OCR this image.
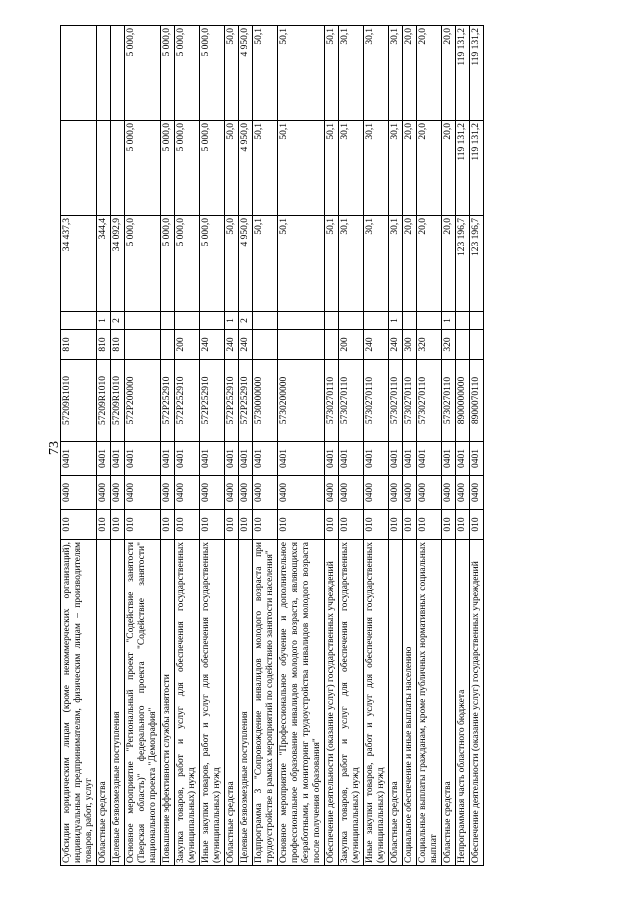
73
Субсидии юридическим лицам (кроме некоммерческих организаций), индивидуальным предпринимателям, физическим лицам – производителям товаров, работ, услуг	010	0400	0401	57209R1010	810		34 437,3		
Областные средства	010	0400	0401	57209R1010	810	1	344,4		
Целевые безвозмездные поступления	010	0400	0401	57209R1010	810	2	34 092,9		
Основное мероприятие "Региональный проект "Содействие занятости (Тверская область)" федерального проекта "Содействие занятости" национального проекта "Демография"	010	0400	0401	572P200000			5 000,0	5 000,0	5 000,0
Повышение эффективности службы занятости	010	0400	0401	572P252910			5 000,0	5 000,0	5 000,0
Закупка товаров, работ и услуг для обеспечения государственных (муниципальных) нужд	010	0400	0401	572P252910	200		5 000,0	5 000,0	5 000,0
Иные закупки товаров, работ и услуг для обеспечения государственных (муниципальных) нужд	010	0400	0401	572P252910	240		5 000,0	5 000,0	5 000,0
Областные средства	010	0400	0401	572P252910	240	1	50,0	50,0	50,0
Целевые безвозмездные поступления	010	0400	0401	572P252910	240	2	4 950,0	4 950,0	4 950,0
Подпрограмма 3 "Сопровождение инвалидов молодого возраста при трудоустройстве в рамках мероприятий по содействию занятости населения"	010	0400	0401	5730000000			50,1	50,1	50,1
Основное мероприятие "Профессиональное обучение и дополнительное профессиональное образование инвалидов молодого возраста, являющихся безработными, и мониторинг трудоустройства инвалидов молодого возраста после получения образования"	010	0400	0401	5730200000			50,1	50,1	50,1
Обеспечение деятельности (оказание услуг) государственных учреждений	010	0400	0401	5730270110			50,1	50,1	50,1
Закупка товаров, работ и услуг для обеспечения государственных (муниципальных) нужд	010	0400	0401	5730270110	200		30,1	30,1	30,1
Иные закупки товаров, работ и услуг для обеспечения государственных (муниципальных) нужд	010	0400	0401	5730270110	240		30,1	30,1	30,1
Областные средства	010	0400	0401	5730270110	240	1	30,1	30,1	30,1
Социальное обеспечение и иные выплаты населению	010	0400	0401	5730270110	300		20,0	20,0	20,0
Социальные выплаты гражданам, кроме публичных нормативных социальных выплат	010	0400	0401	5730270110	320		20,0	20,0	20,0
Областные средства	010	0400	0401	5730270110	320	1	20,0	20,0	20,0
Непрограммная часть областного бюджета	010	0400	0401	8900000000			123 196,7	119 131,2	119 131,2
Обеспечение деятельности (оказание услуг) государственных учреждений	010	0400	0401	8900070110			123 196,7	119 131,2	119 131,2
